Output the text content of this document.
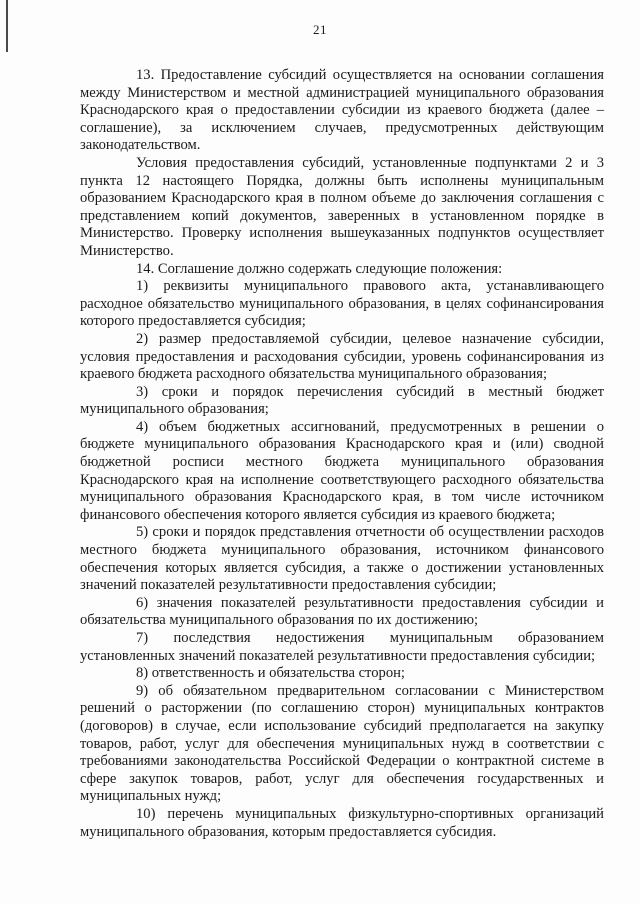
21

13. Предоставление субсидий осуществляется на основании соглашения между Министерством и местной администрацией муниципального образования Краснодарского края о предоставлении субсидии из краевого бюджета (далее – соглашение), за исключением случаев, предусмотренных действующим законодательством.

Условия предоставления субсидий, установленные подпунктами 2 и 3 пункта 12 настоящего Порядка, должны быть исполнены муниципальным образованием Краснодарского края в полном объеме до заключения соглашения с представлением копий документов, заверенных в установленном порядке в Министерство. Проверку исполнения вышеуказанных подпунктов осуществляет Министерство.

14. Соглашение должно содержать следующие положения:

1) реквизиты муниципального правового акта, устанавливающего расходное обязательство муниципального образования, в целях софинансирования которого предоставляется субсидия;

2) размер предоставляемой субсидии, целевое назначение субсидии, условия предоставления и расходования субсидии, уровень софинансирования из краевого бюджета расходного обязательства муниципального образования;

3) сроки и порядок перечисления субсидий в местный бюджет муниципального образования;

4) объем бюджетных ассигнований, предусмотренных в решении о бюджете муниципального образования Краснодарского края и (или) сводной бюджетной росписи местного бюджета муниципального образования Краснодарского края на исполнение соответствующего расходного обязательства муниципального образования Краснодарского края, в том числе источником финансового обеспечения которого является субсидия из краевого бюджета;

5) сроки и порядок представления отчетности об осуществлении расходов местного бюджета муниципального образования, источником финансового обеспечения которых является субсидия, а также о достижении установленных значений показателей результативности предоставления субсидии;

6) значения показателей результативности предоставления субсидии и обязательства муниципального образования по их достижению;

7) последствия недостижения муниципальным образованием установленных значений показателей результативности предоставления субсидии;

8) ответственность и обязательства сторон;

9) об обязательном предварительном согласовании с Министерством решений о расторжении (по соглашению сторон) муниципальных контрактов (договоров) в случае, если использование субсидий предполагается на закупку товаров, работ, услуг для обеспечения муниципальных нужд в соответствии с требованиями законодательства Российской Федерации о контрактной системе в сфере закупок товаров, работ, услуг для обеспечения государственных и муниципальных нужд;

10) перечень муниципальных физкультурно-спортивных организаций муниципального образования, которым предоставляется субсидия.
